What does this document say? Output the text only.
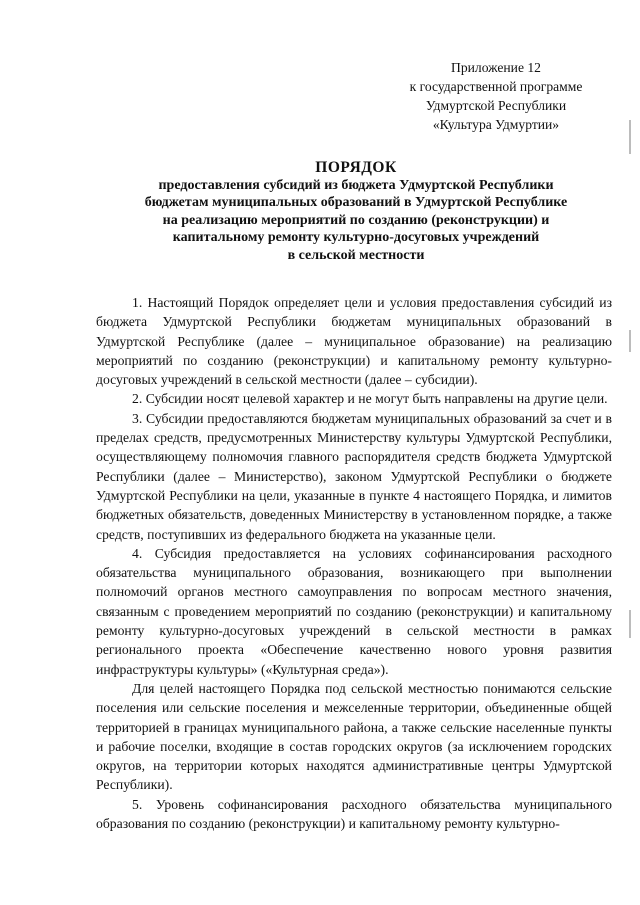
Приложение 12
к государственной программе
Удмуртской Республики
«Культура Удмуртии»
ПОРЯДОК
предоставления субсидий из бюджета Удмуртской Республики
бюджетам муниципальных образований в Удмуртской Республике
на реализацию мероприятий по созданию (реконструкции) и
капитальному ремонту культурно-досуговых учреждений
в сельской местности

1. Настоящий Порядок определяет цели и условия предоставления субсидий из бюджета Удмуртской Республики бюджетам муниципальных образований в Удмуртской Республике (далее – муниципальное образование) на реализацию мероприятий по созданию (реконструкции) и капитальному ремонту культурно-досуговых учреждений в сельской местности (далее – субсидии).

2. Субсидии носят целевой характер и не могут быть направлены на другие цели.

3. Субсидии предоставляются бюджетам муниципальных образований за счет и в пределах средств, предусмотренных Министерству культуры Удмуртской Республики, осуществляющему полномочия главного распорядителя средств бюджета Удмуртской Республики (далее – Министерство), законом Удмуртской Республики о бюджете Удмуртской Республики на цели, указанные в пункте 4 настоящего Порядка, и лимитов бюджетных обязательств, доведенных Министерству в установленном порядке, а также средств, поступивших из федерального бюджета на указанные цели.

4. Субсидия предоставляется на условиях софинансирования расходного обязательства муниципального образования, возникающего при выполнении полномочий органов местного самоуправления по вопросам местного значения, связанным с проведением мероприятий по созданию (реконструкции) и капитальному ремонту культурно-досуговых учреждений в сельской местности в рамках регионального проекта «Обеспечение качественно нового уровня развития инфраструктуры культуры» («Культурная среда»).

Для целей настоящего Порядка под сельской местностью понимаются сельские поселения или сельские поселения и межселенные территории, объединенные общей территорией в границах муниципального района, а также сельские населенные пункты и рабочие поселки, входящие в состав городских округов (за исключением городских округов, на территории которых находятся административные центры Удмуртской Республики).

5. Уровень софинансирования расходного обязательства муниципального образования по созданию (реконструкции) и капитальному ремонту культурно-
